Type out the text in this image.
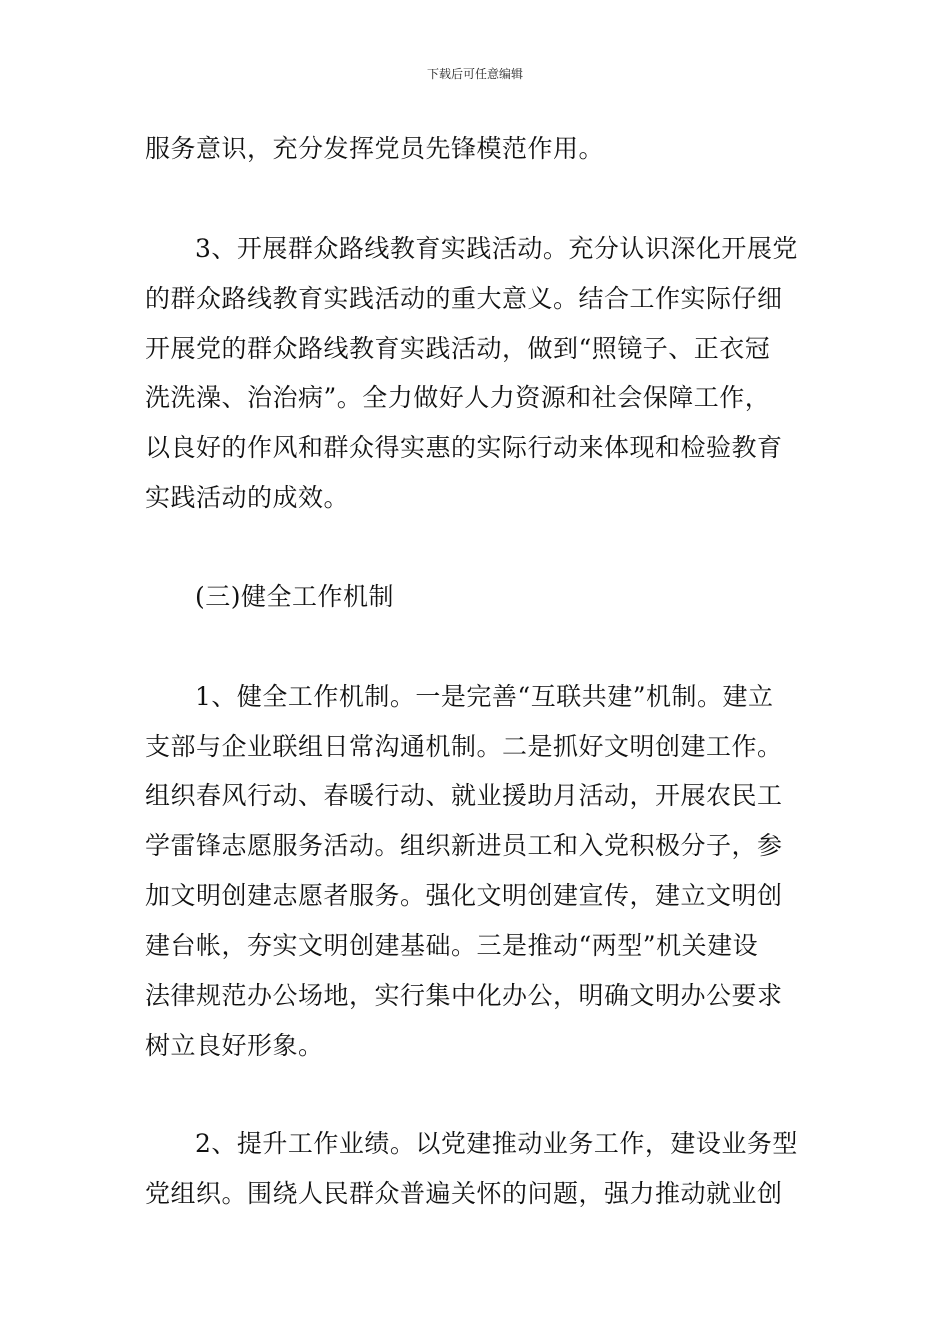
下载后可任意编辑
服务意识，充分发挥党员先锋模范作用。
3、开展群众路线教育实践活动。充分认识深化开展党
的群众路线教育实践活动的重大意义。结合工作实际仔细
开展党的群众路线教育实践活动，做到“照镜子、正衣冠
洗洗澡、治治病”。全力做好人力资源和社会保障工作，
以良好的作风和群众得实惠的实际行动来体现和检验教育
实践活动的成效。
(三)健全工作机制
1、健全工作机制。一是完善“互联共建”机制。建立
支部与企业联组日常沟通机制。二是抓好文明创建工作。
组织春风行动、春暖行动、就业援助月活动，开展农民工
学雷锋志愿服务活动。组织新进员工和入党积极分子，参
加文明创建志愿者服务。强化文明创建宣传，建立文明创
建台帐，夯实文明创建基础。三是推动“两型”机关建设
法律规范办公场地，实行集中化办公，明确文明办公要求
树立良好形象。
2、提升工作业绩。以党建推动业务工作，建设业务型
党组织。围绕人民群众普遍关怀的问题，强力推动就业创
